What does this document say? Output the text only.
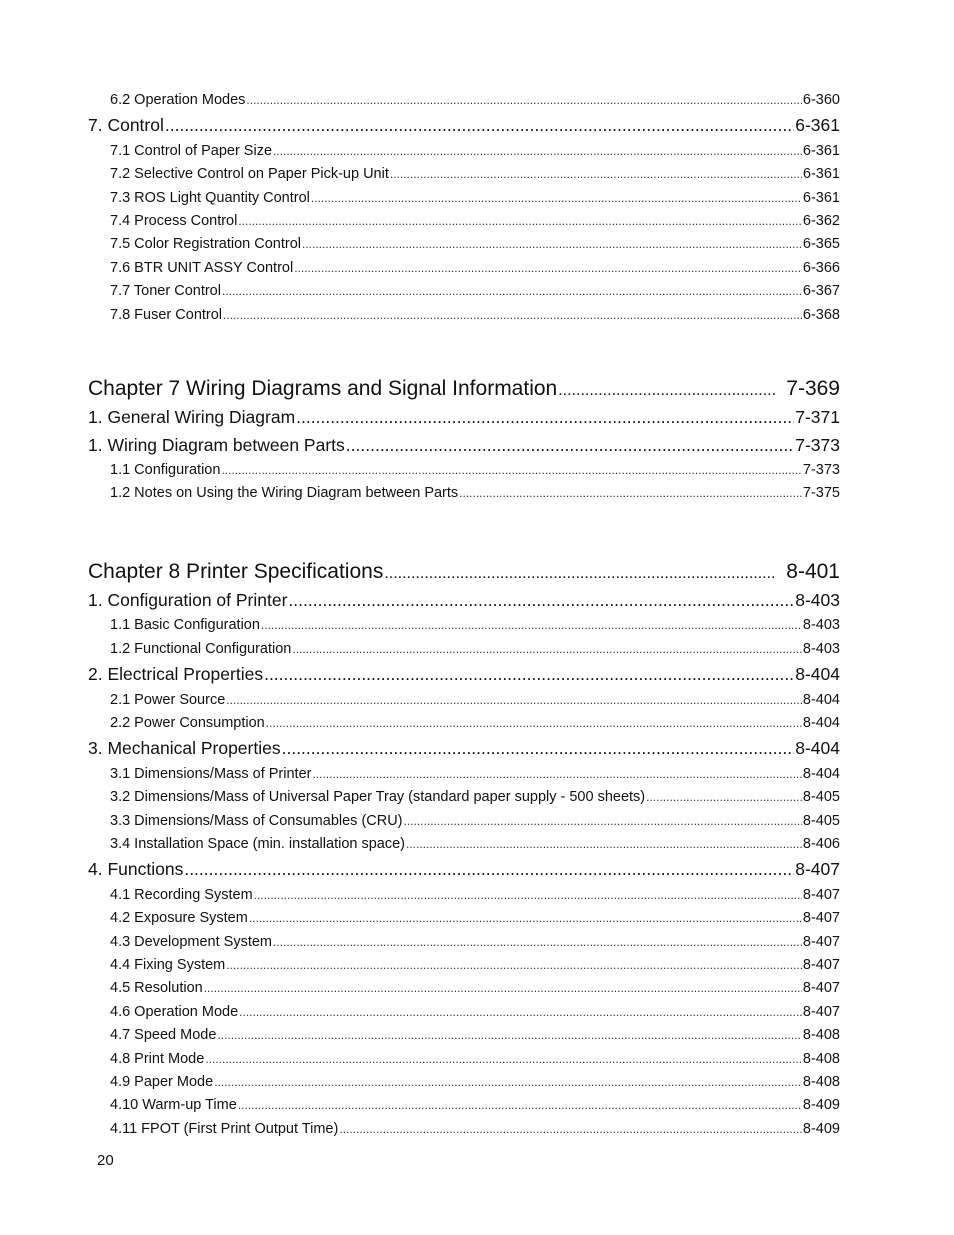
6.2 Operation Modes .....	6-360
7. Control .....	6-361
7.1 Control of Paper Size .....	6-361
7.2 Selective Control on Paper Pick-up Unit .....	6-361
7.3 ROS Light Quantity Control .....	6-361
7.4 Process Control .....	6-362
7.5 Color Registration Control .....	6-365
7.6 BTR UNIT ASSY Control .....	6-366
7.7 Toner Control .....	6-367
7.8 Fuser Control .....	6-368
Chapter 7 Wiring Diagrams and Signal Information .....	7-369
1. General Wiring Diagram .....	7-371
1. Wiring Diagram between Parts .....	7-373
1.1 Configuration .....	7-373
1.2 Notes on Using the Wiring Diagram between Parts .....	7-375
Chapter 8 Printer Specifications .....	8-401
1. Configuration of Printer .....	8-403
1.1 Basic Configuration .....	8-403
1.2 Functional Configuration .....	8-403
2. Electrical Properties .....	8-404
2.1 Power Source .....	8-404
2.2 Power Consumption .....	8-404
3. Mechanical Properties .....	8-404
3.1 Dimensions/Mass of Printer .....	8-404
3.2 Dimensions/Mass of Universal Paper Tray (standard paper supply - 500 sheets) .....	8-405
3.3 Dimensions/Mass of Consumables (CRU) .....	8-405
3.4 Installation Space (min. installation space) .....	8-406
4. Functions .....	8-407
4.1 Recording System .....	8-407
4.2 Exposure System .....	8-407
4.3 Development System .....	8-407
4.4 Fixing System .....	8-407
4.5 Resolution .....	8-407
4.6 Operation Mode .....	8-407
4.7 Speed Mode .....	8-408
4.8 Print Mode .....	8-408
4.9 Paper Mode .....	8-408
4.10 Warm-up Time .....	8-409
4.11 FPOT (First Print Output Time) .....	8-409
20
